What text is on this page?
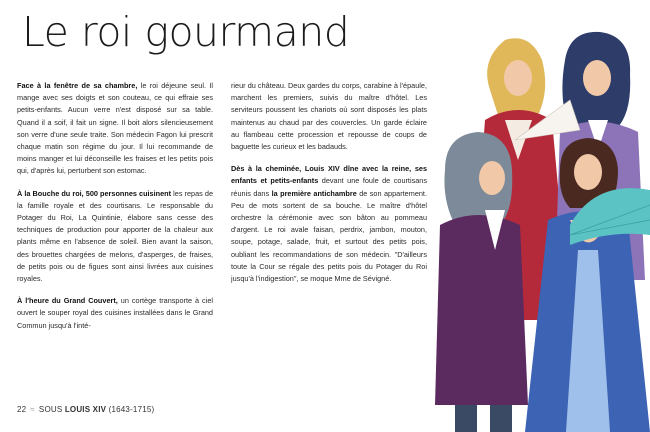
Le roi gourmand

Face à la fenêtre de sa chambre, le roi déjeune seul. Il mange avec ses doigts et son couteau, ce qui effraie ses petits-enfants. Aucun verre n'est disposé sur sa table. Quand il a soif, il fait un signe. Il boit alors silencieusement son verre d'une seule traite. Son médecin Fagon lui prescrit chaque matin son régime du jour. Il lui recommande de moins manger et lui déconseille les fraises et les petits pois qui, d'après lui, perturbent son estomac.

À la Bouche du roi, 500 personnes cuisinent les repas de la famille royale et des courtisans. Le responsable du Potager du Roi, La Quintinie, élabore sans cesse des techniques de production pour apporter de la chaleur aux plants même en l'absence de soleil. Bien avant la saison, des brouettes chargées de melons, d'asperges, de fraises, de petits pois ou de figues sont ainsi livrées aux cuisines royales.

À l'heure du Grand Couvert, un cortège transporte à ciel ouvert le souper royal des cuisines installées dans le Grand Commun jusqu'à l'inté-

rieur du château. Deux gardes du corps, carabine à l'épaule, marchent les premiers, suivis du maître d'hôtel. Les serviteurs poussent les chariots où sont disposés les plats maintenus au chaud par des couvercles. Un garde éclaire au flambeau cette procession et repousse de coups de baguette les curieux et les badauds.

Dès à la cheminée, Louis XIV dîne avec la reine, ses enfants et petits-enfants devant une foule de courtisans réunis dans la première antichambre de son appartement. Peu de mots sortent de sa bouche. Le maître d'hôtel orchestre la cérémonie avec son bâton au pommeau d'argent. Le roi avale faisan, perdrix, jambon, mouton, soupe, potage, salade, fruit, et surtout des petits pois, oubliant les recommandations de son médecin. "D'ailleurs toute la Cour se régale des petits pois du Potager du Roi jusqu'à l'indigestion", se moque Mme de Sévigné.

22 ≈ SOUS LOUIS XIV (1643-1715)
